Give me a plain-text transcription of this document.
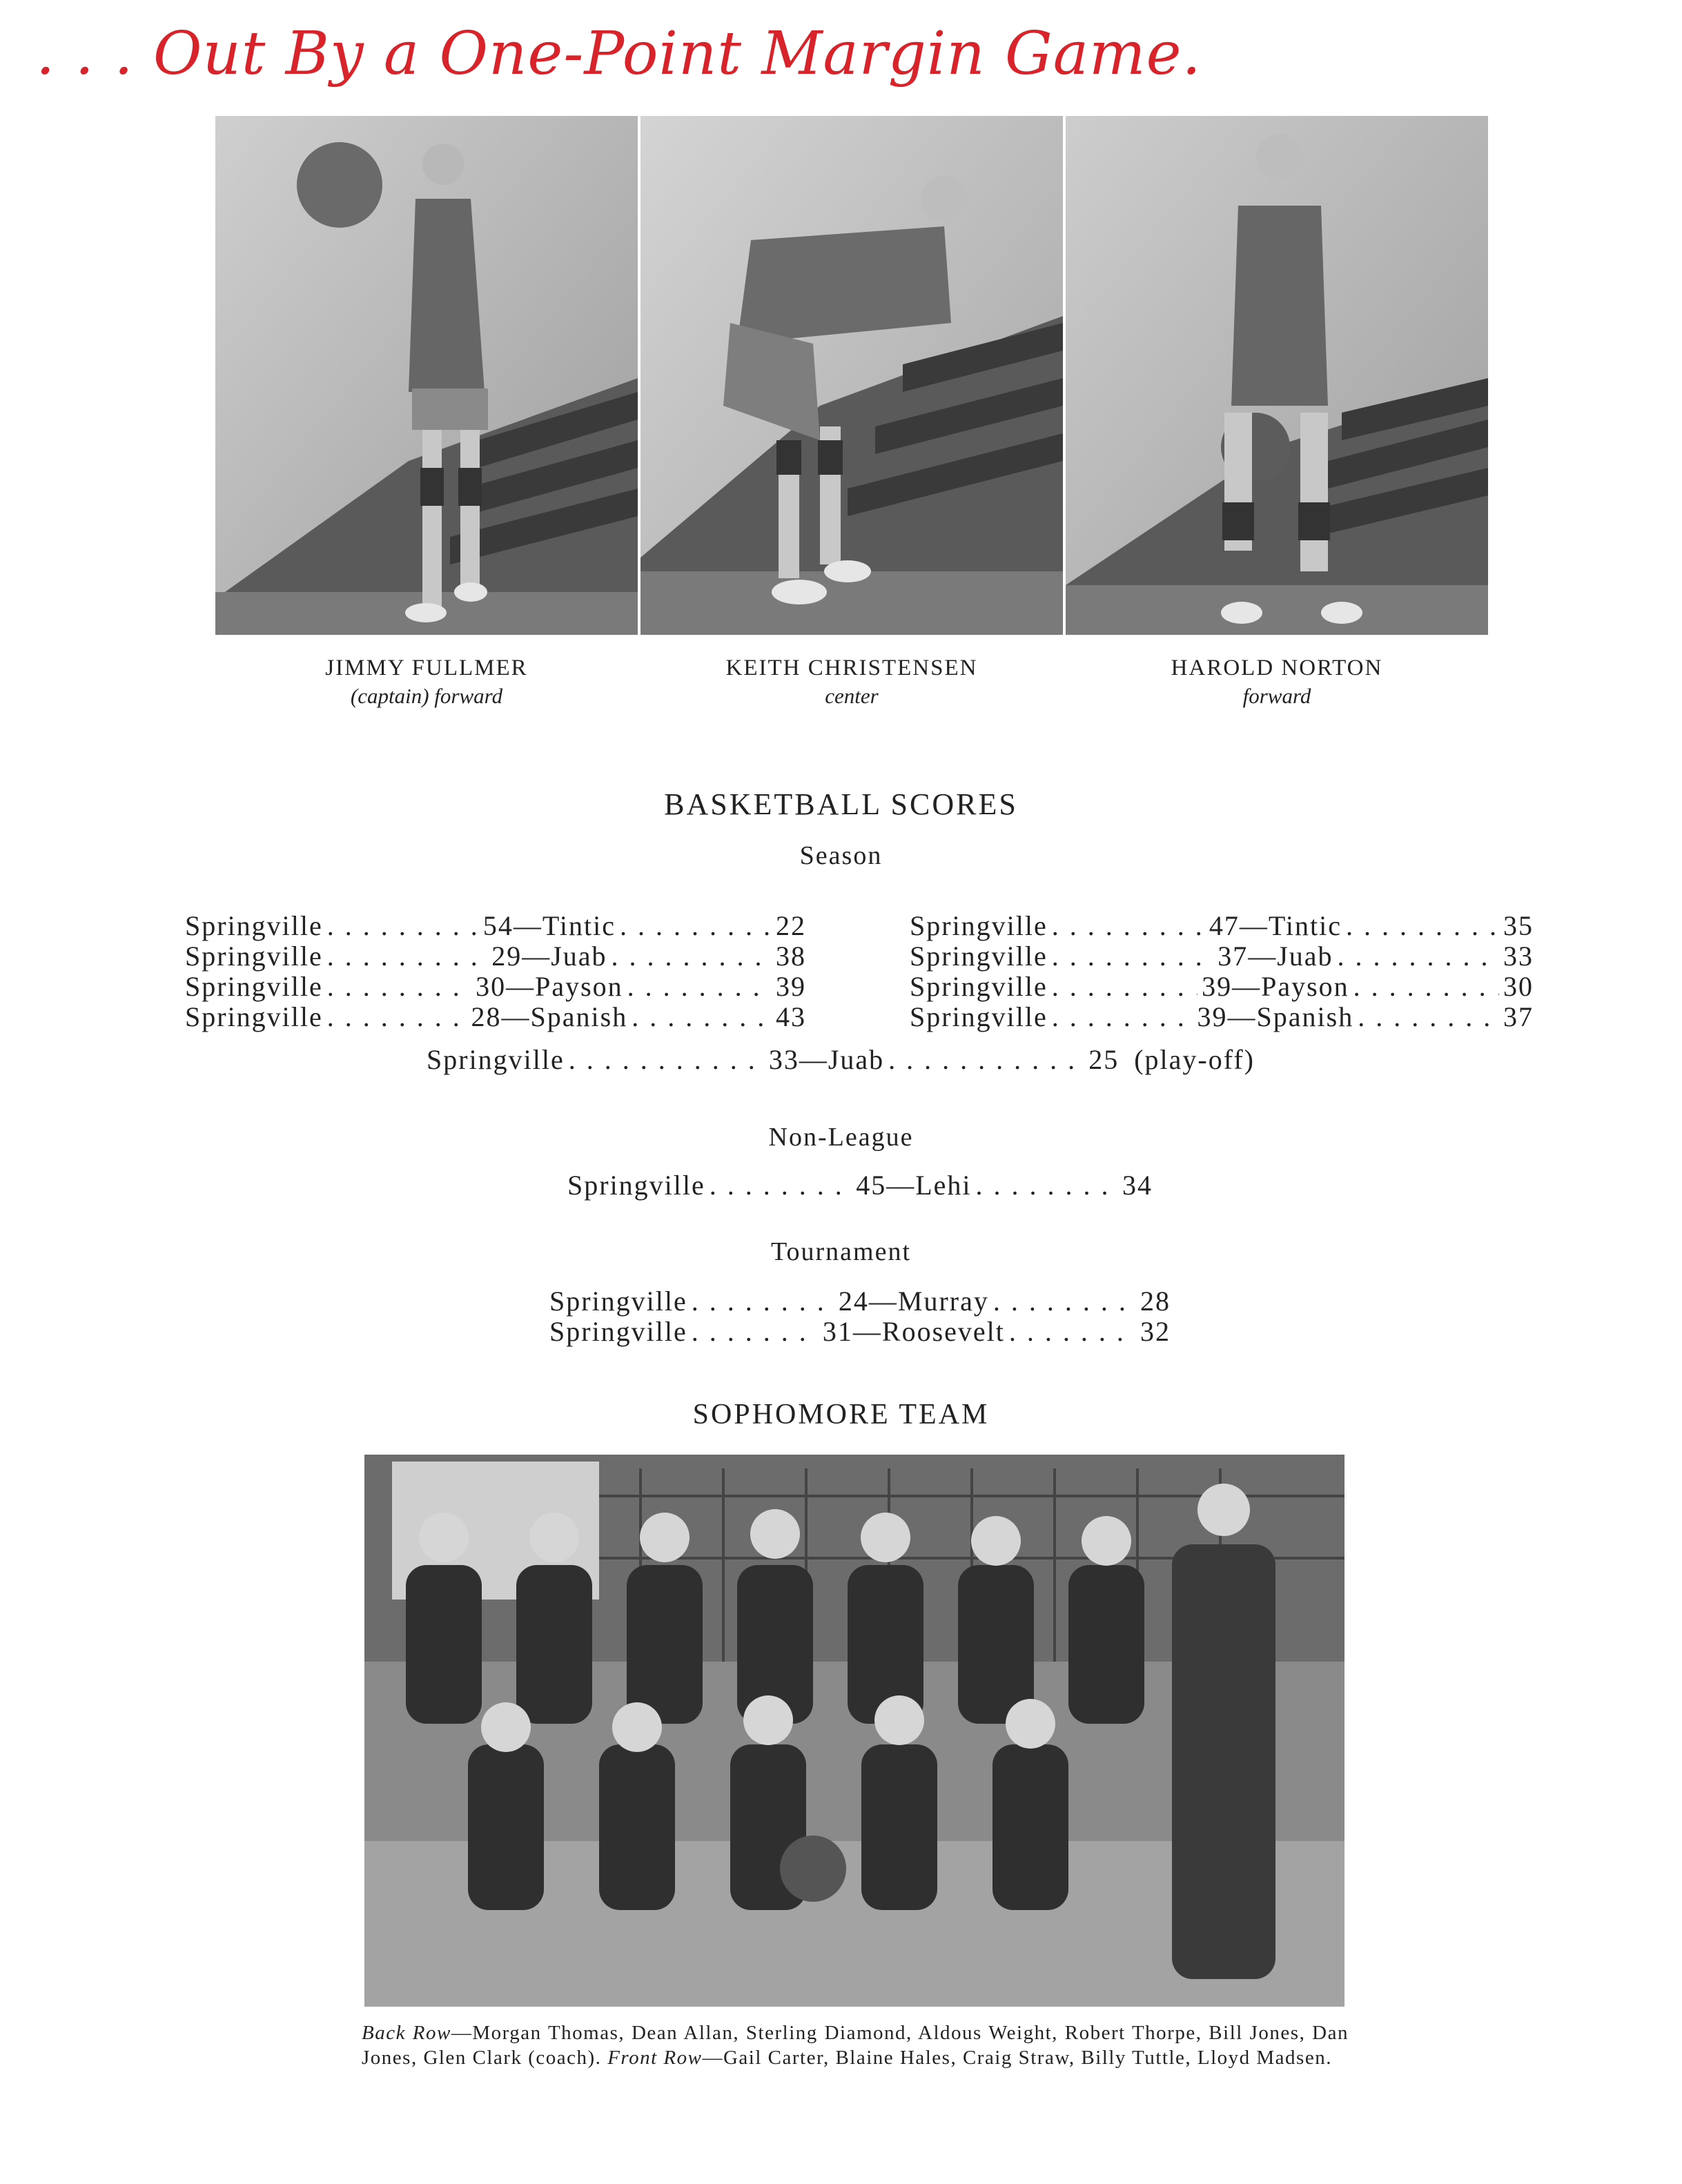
. . . Out By a One-Point Margin Game.
JIMMY FULLMER
(captain) forward
KEITH CHRISTENSEN
center
HAROLD NORTON
forward
BASKETBALL SCORES
Season
Springville . . .	54 — Tintic . . .	22
Springville . . .	29 — Juab . . .	38
Springville . . .	30 — Payson . . .	39
Springville . . .	28 — Spanish . . .	43
Springville . . .	47 — Tintic . . .	35
Springville . . .	37 — Juab . . .	33
Springville . . .	39 — Payson . . .	30
Springville . . .	39 — Spanish . . .	37
Springville . . .	33 — Juab . . .	25 (play-off)
Non-League
Springville . . .	45 — Lehi . . .	34
Tournament
Springville . . .	24 — Murray . . .	28
Springville . . .	31 — Roosevelt . . .	32
SOPHOMORE TEAM
Back Row—Morgan Thomas, Dean Allan, Sterling Diamond, Aldous Weight, Robert Thorpe, Bill Jones, Dan Jones, Glen Clark (coach). Front Row—Gail Carter, Blaine Hales, Craig Straw, Billy Tuttle, Lloyd Madsen.
